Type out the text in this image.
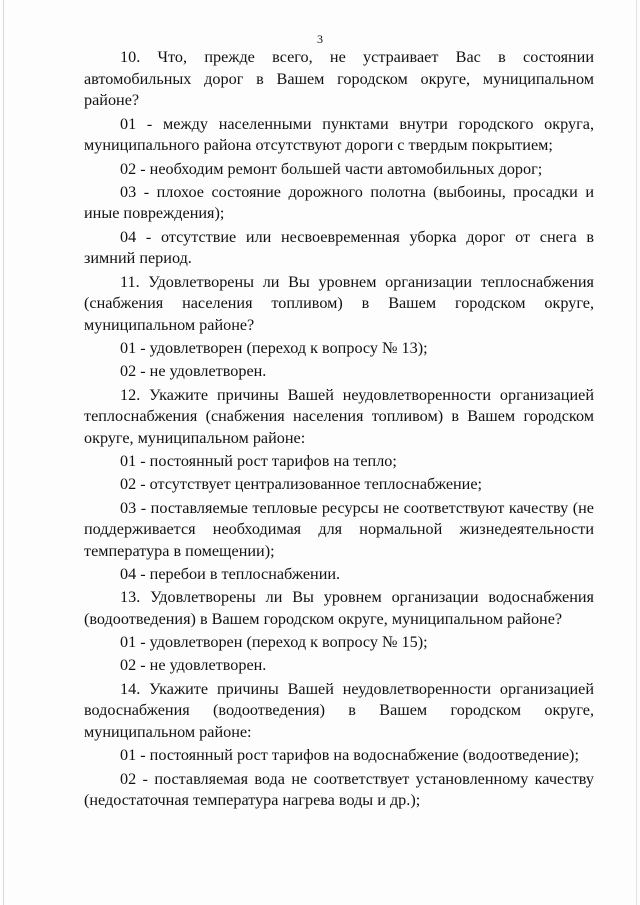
3

10. Что, прежде всего, не устраивает Вас в состоянии автомобильных дорог в Вашем городском округе, муниципальном районе?

01 - между населенными пунктами внутри городского округа, муниципального района отсутствуют дороги с твердым покрытием;

02 - необходим ремонт большей части автомобильных дорог;

03 - плохое состояние дорожного полотна (выбоины, просадки и иные повреждения);

04 - отсутствие или несвоевременная уборка дорог от снега в зимний период.

11. Удовлетворены ли Вы уровнем организации теплоснабжения (снабжения населения топливом) в Вашем городском округе, муниципальном районе?

01 - удовлетворен (переход к вопросу № 13);

02 - не удовлетворен.

12. Укажите причины Вашей неудовлетворенности организацией теплоснабжения (снабжения населения топливом) в Вашем городском округе, муниципальном районе:

01 - постоянный рост тарифов на тепло;

02 - отсутствует централизованное теплоснабжение;

03 - поставляемые тепловые ресурсы не соответствуют качеству (не поддерживается необходимая для нормальной жизнедеятельности температура в помещении);

04 - перебои в теплоснабжении.

13. Удовлетворены ли Вы уровнем организации водоснабжения (водоотведения) в Вашем городском округе, муниципальном районе?

01 - удовлетворен (переход к вопросу № 15);

02 - не удовлетворен.

14. Укажите причины Вашей неудовлетворенности организацией водоснабжения (водоотведения) в Вашем городском округе, муниципальном районе:

01 - постоянный рост тарифов на водоснабжение (водоотведение);

02 - поставляемая вода не соответствует установленному качеству (недостаточная температура нагрева воды и др.);
